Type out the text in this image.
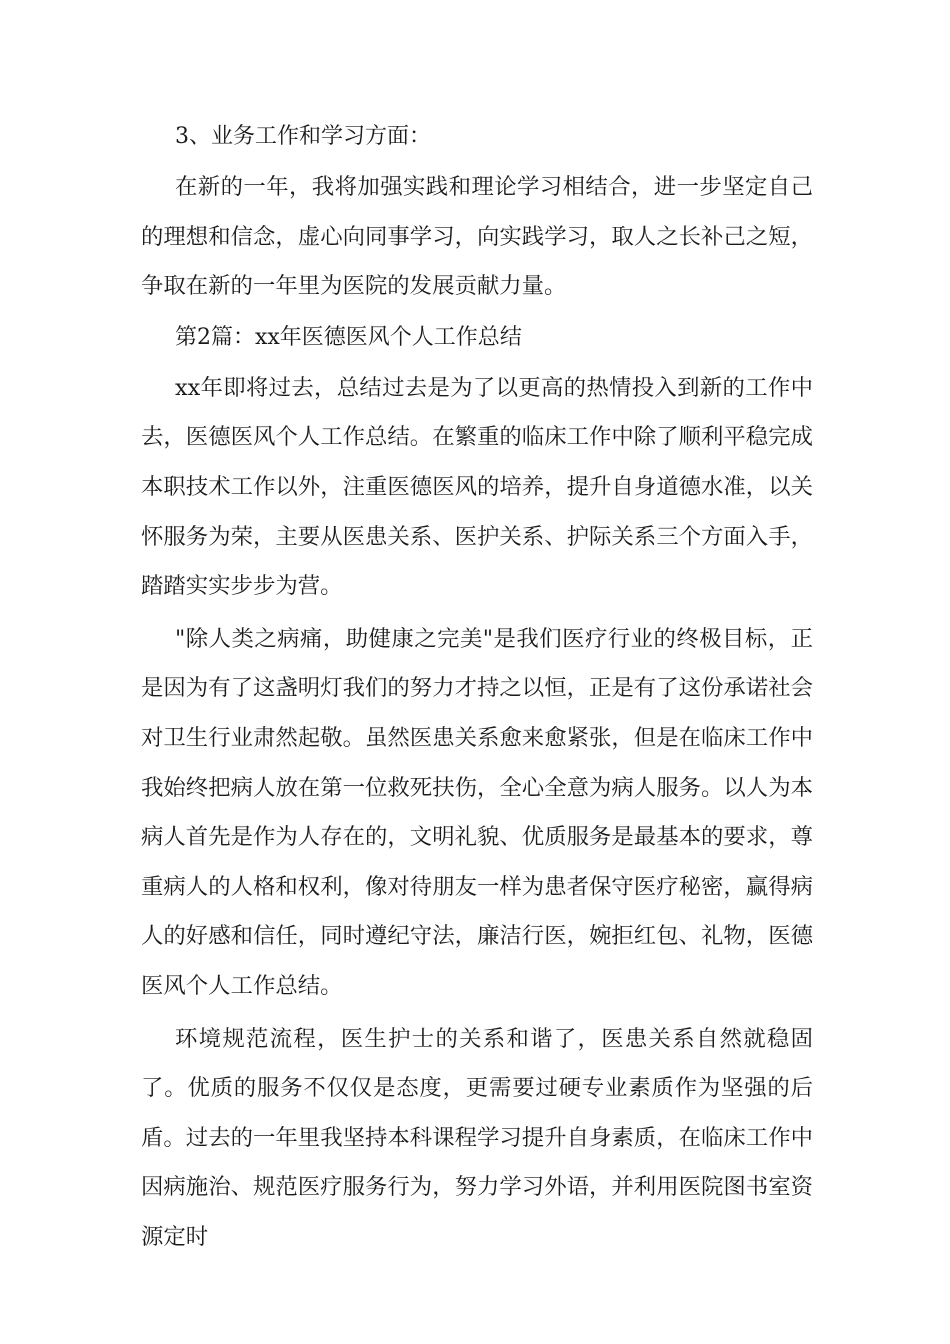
3、业务工作和学习方面：

在新的一年，我将加强实践和理论学习相结合，进一步坚定自己的理想和信念，虚心向同事学习，向实践学习，取人之长补己之短，争取在新的一年里为医院的发展贡献力量。

第2篇：xx年医德医风个人工作总结

xx年即将过去，总结过去是为了以更高的热情投入到新的工作中去，医德医风个人工作总结。在繁重的临床工作中除了顺利平稳完成本职技术工作以外，注重医德医风的培养，提升自身道德水准，以关怀服务为荣，主要从医患关系、医护关系、护际关系三个方面入手，踏踏实实步步为营。

"除人类之病痛，助健康之完美"是我们医疗行业的终极目标，正是因为有了这盏明灯我们的努力才持之以恒，正是有了这份承诺社会对卫生行业肃然起敬。虽然医患关系愈来愈紧张，但是在临床工作中我始终把病人放在第一位救死扶伤，全心全意为病人服务。以人为本病人首先是作为人存在的，文明礼貌、优质服务是最基本的要求，尊重病人的人格和权利，像对待朋友一样为患者保守医疗秘密，赢得病人的好感和信任，同时遵纪守法，廉洁行医，婉拒红包、礼物，医德医风个人工作总结。

环境规范流程，医生护士的关系和谐了，医患关系自然就稳固了。优质的服务不仅仅是态度，更需要过硬专业素质作为坚强的后盾。过去的一年里我坚持本科课程学习提升自身素质，在临床工作中因病施治、规范医疗服务行为，努力学习外语，并利用医院图书室资源定时
